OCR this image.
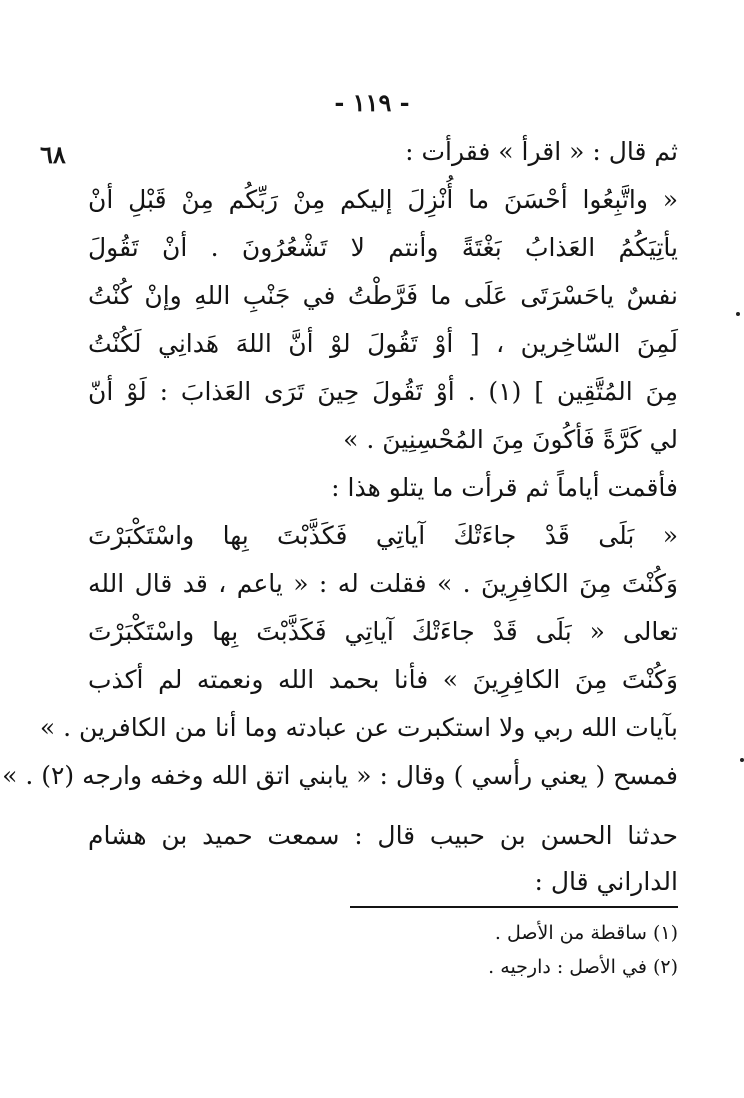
- ١١٩ -
٦٨	ثم قال : « اقرأ » فقرأت :
« واتَّبِعُوا أحْسَنَ ما أُنْزِلَ إليكم مِنْ رَبِّكُم مِنْ قَبْلِ أنْ
يأتِيَكُمُ العَذابُ بَغْتَةً وأنتم لا تَشْعُرُونَ . أنْ تَقُولَ
نفسٌ ياحَسْرَتَى عَلَى ما فَرَّطْتُ في جَنْبِ اللهِ وإنْ كُنْتُ
لَمِنَ السّاخِرين ، [ أوْ تَقُولَ لوْ أنَّ اللهَ هَدانِي لَكُنْتُ
مِنَ المُتَّقِين ] (١) . أوْ تَقُولَ حِينَ تَرَى العَذابَ : لَوْ أنّ
لي كَرَّةً فَأكُونَ مِنَ المُحْسِنِينَ . »
فأقمت أياماً ثم قرأت ما يتلو هذا :
« بَلَى قَدْ جاءَتْكَ آياتِي فَكَذَّبْتَ بِها واسْتَكْبَرْتَ
وَكُنْتَ مِنَ الكافِرِينَ . » فقلت له : « ياعم ، قد قال الله
تعالى « بَلَى قَدْ جاءَتْكَ آياتِي فَكَذَّبْتَ بِها واسْتَكْبَرْتَ
وَكُنْتَ مِنَ الكافِرِينَ » فأنا بحمد الله ونعمته لم أكذب
بآيات الله ربي ولا استكبرت عن عبادته وما أنا من الكافرين . »
فمسح ( يعني رأسي ) وقال : « يابني اتق الله وخفه وارجه (٢) . »
حدثنا الحسن بن حبيب قال : سمعت حميد بن هشام
الداراني قال :
(١) ساقطة من الأصل .
(٢) في الأصل : دارجيه .
